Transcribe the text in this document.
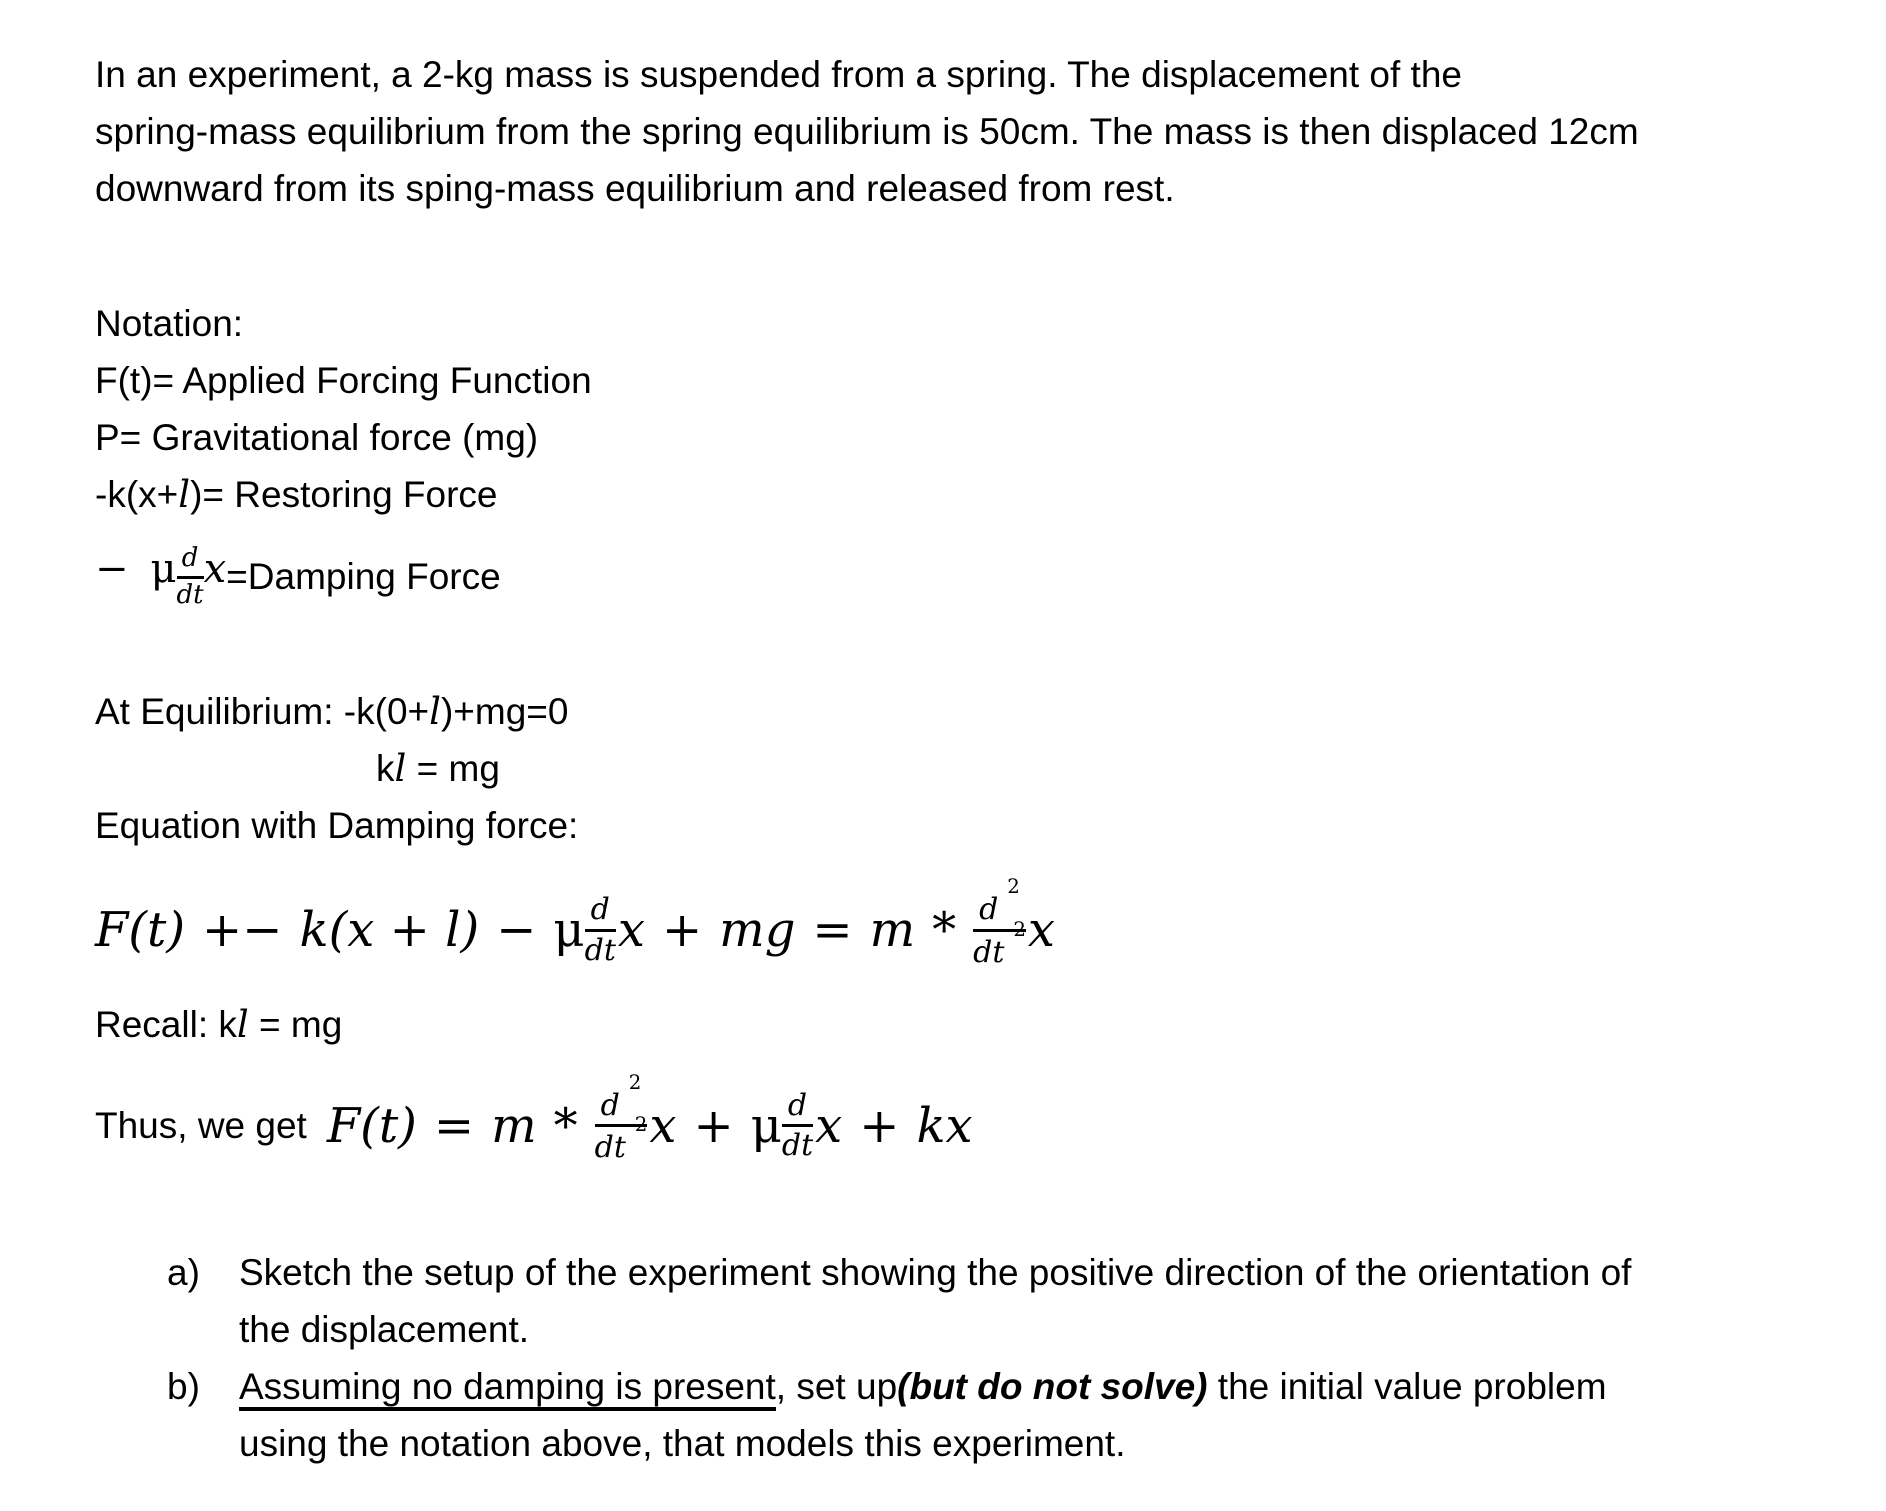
In an experiment, a 2-kg mass is suspended from a spring. The displacement of the
spring-mass equilibrium from the spring equilibrium is 50cm. The mass is then displaced 12cm
downward from its sping-mass equilibrium and released from rest.
Notation:
F(t)= Applied Forcing Function
P= Gravitational force (mg)
-k(x+l)= Restoring Force
− μ $\frac{d}{dt}$ x =Damping Force
At Equilibrium: -k(0+l)+mg=0
kl = mg
Equation with Damping force:
F(t) +− k(x + l) − μ $\frac{d}{dt}$ x + mg = m * $\frac{d^2}{dt^2}$ x
Recall: kl = mg
Thus, we get $F(t) = m * \frac{d^2}{dt^2}$ x + μ $\frac{d}{dt}$ x + kx
a)	Sketch the setup of the experiment showing the positive direction of the orientation of
the displacement.
b)	Assuming no damping is present, set up(but do not solve) the initial value problem
using the notation above, that models this experiment.
